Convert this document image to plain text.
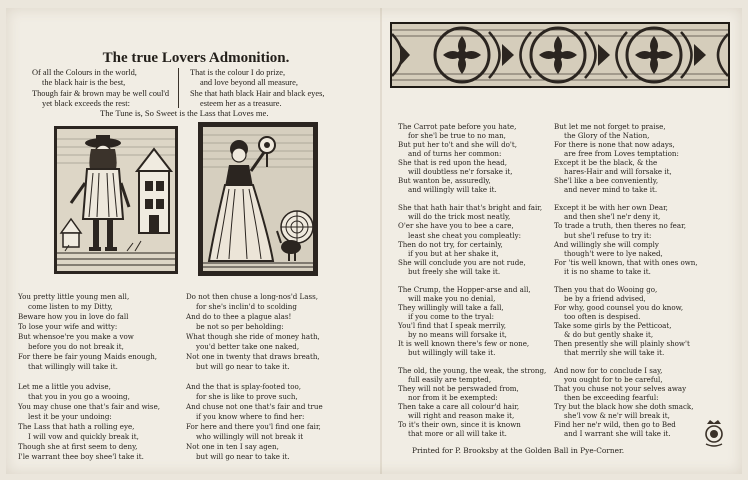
The true Lovers Admonition.
Of all the Colours in the world,
the black hair is the best,
Though fair & brown may be well coul'd
yet black exceeds the rest:
That is the colour I do prize,
and love beyond all measure,
She that hath black Hair and black eyes,
esteem her as a treasure.
The Tune is, So Sweet is the Lass that Loves me.
You pretty little young men all,
come listen to my Ditty,
Beware how you in love do fall
To lose your wife and witty:
But whensoe're you make a vow
before you do not break it,
For there be fair young Maids enough,
that willingly will take it.
Let me a little you advise,
that you in you go a wooing,
You may chuse one that's fair and wise,
lest it be your undoing:
The Lass that hath a rolling eye,
I will vow and quickly break it,
Though she at first seem to deny,
I'le warrant thee boy shee'l take it.
Do not then chuse a long-nos'd Lass,
for she's inclin'd to scolding
And do to thee a plague alas!
be not so per beholding:
What though she ride of money hath,
you'd better take one naked,
Not one in twenty that draws breath,
but will go near to take it.
And the that is splay-footed too,
for she is like to prove such,
And chuse not one that's fair and true
if you know where to find her:
For here and there you'l find one fair,
who willingly will not break it
Not one in ten I say agen,
but will go near to take it.
The Carrot pate before you hate,
for she'l be true to no man,
But put her to't and she will do't,
and of turns her common:
She that is red upon the head,
will doubtless ne'r forsake it,
But wanton be, assuredly,
and willingly will take it.
She that hath hair that's bright and fair,
will do the trick most neatly,
O'er she have you to bee a care,
least she cheat you compleatly:
Then do not try, for certainly,
if you but at her shake it,
She will conclude you are not rude,
but freely she will take it.
The Crump, the Hopper-arse and all,
will make you no denial,
They willingly will take a fall,
if you come to the tryal:
You'l find that I speak merrily,
by no means will forsake it,
It is well known there's few or none,
but willingly will take it.
The old, the young, the weak, the strong,
full easily are tempted,
They will not be perswaded from,
nor from it be exempted:
Then take a care all colour'd hair,
will right and reason make it,
To it's their own, since it is known
that more or all will take it.
But let me not forget to praise,
the Glory of the Nation,
For there is none that now adays,
are free from Loves temptation:
Except it be the black, & the
hares-Hair and will forsake it,
She'l like a bee conveniently,
and never mind to take it.
Except it be with her own Dear,
and then she'l ne'r deny it,
To trade a truth, then theres no fear,
but she'l refuse to try it:
And willingly she will comply
though't were to lye naked,
For 'tis well known, that with ones own,
it is no shame to take it.
Then you that do Wooing go,
be by a friend advised,
For why, good counsel you do know,
too often is despised.
Take some girls by the Petticoat,
& do but gently shake it,
Then presently she will plainly show't
that merrily she will take it.
And now for to conclude I say,
you ought for to be careful,
That you chuse not your selves away
then be exceeding fearful:
Try but the black how she doth smack,
she'l vow & ne'r will break it,
Find her ne'r wild, then go to Bed
and I warrant she will take it.
Printed for P. Brooksby at the Golden Ball in Pye-Corner.
